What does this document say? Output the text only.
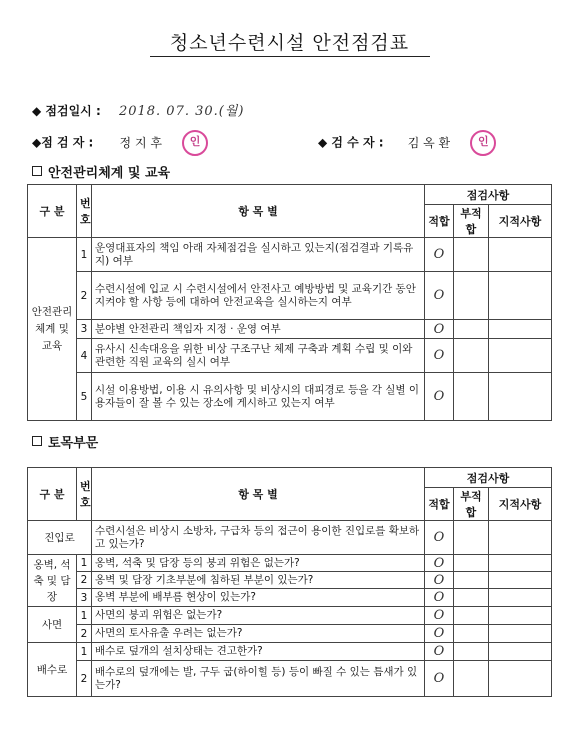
청소년수련시설 안전점검표
◆ 점검일시 : 2018. 07. 30.(월)
◆점 검 자 : 정 지 후	인	◆ 검 수 자 : 김 옥 환	인
안전관리체계 및 교육
구 분	번호	항 목 별	점검사항		
			적합	부적합	지적사항
안전관리 체계 및 교육	1	운영대표자의 책임 아래 자체점검을 실시하고 있는지(점검결과 기록유지) 여부	O		
	2	수련시설에 입교 시 수련시설에서 안전사고 예방방법 및 교육기간 동안 지켜야 할 사항 등에 대하여 안전교육을 실시하는지 여부	O		
	3	분야별 안전관리 책임자 지정 · 운영 여부	O		
	4	유사시 신속대응을 위한 비상 구조구난 체제 구축과 계획 수립 및 이와 관련한 직원 교육의 실시 여부	O		
	5	시설 이용방법, 이용 시 유의사항 및 비상시의 대피경로 등을 각 실별 이용자들이 잘 볼 수 있는 장소에 게시하고 있는지 여부	O		
토목부문
구 분	번호	항 목 별	점검사항		
			적합	부적합	지적사항
진입로		수련시설은 비상시 소방차, 구급차 등의 접근이 용이한 진입로를 확보하고 있는가?	O		
옹벽, 석축 및 담장	1	옹벽, 석축 및 담장 등의 붕괴 위험은 없는가?	O		
	2	옹벽 및 담장 기초부분에 침하된 부분이 있는가?	O		
	3	옹벽 부분에 배부름 현상이 있는가?	O		
사면	1	사면의 붕괴 위험은 없는가?	O		
	2	사면의 토사유출 우려는 없는가?	O		
배수로	1	배수로 덮개의 설치상태는 견고한가?	O		
	2	배수로의 덮개에는 발, 구두 굽(하이힐 등) 등이 빠질 수 있는 틈새가 있는가?	O		
